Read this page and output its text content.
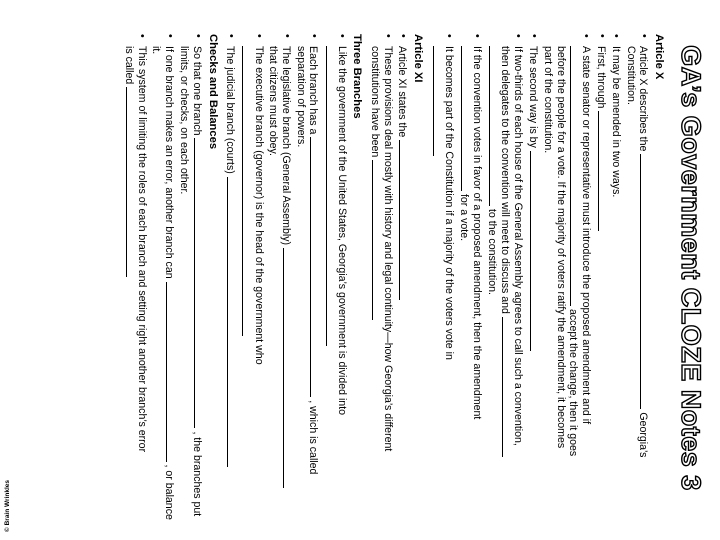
GA’s Government CLOZE Notes 3
Article X
•
Article X describes the  Georgia’s
Constitution.
•
It may be amended in two ways.
•
First, through
•
A state senator or representative must introduce the proposed amendment and if
accept the change, then it goes
before the people for a vote. If the majority of voters ratify the amendment, it becomes
part of the constitution.
•
The second way is by
•
If two-thirds of each house of the General Assembly agrees to call such a convention,
then delegates to the convention will meet to discuss and
to the constitution.
•
If the convention votes in favor of a proposed amendment, then the amendment
for a vote.
•
It becomes part of the Constitution if a majority of the voters vote in

Article XI
•
Article XI states the
•
These provisions deal mostly with history and legal continuity—how Georgia’s different
constitutions have been
Three Branches
•
Like the government of the United States, Georgia’s government is divided into

•
Each branch has a  , which is called
separation of powers.
•
The legislative branch (General Assembly)
that citizens must obey.
•
The executive branch (governor) is the head of the government who

•
The judicial branch (courts)
Checks and Balances
•
So that one branch  , the branches put
limits, or checks, on each other.
•
If one branch makes an error, another branch can  , or balance it.
•
This system of limiting the roles of each branch and setting right another branch’s error
is called
© Brain Wrinkles
